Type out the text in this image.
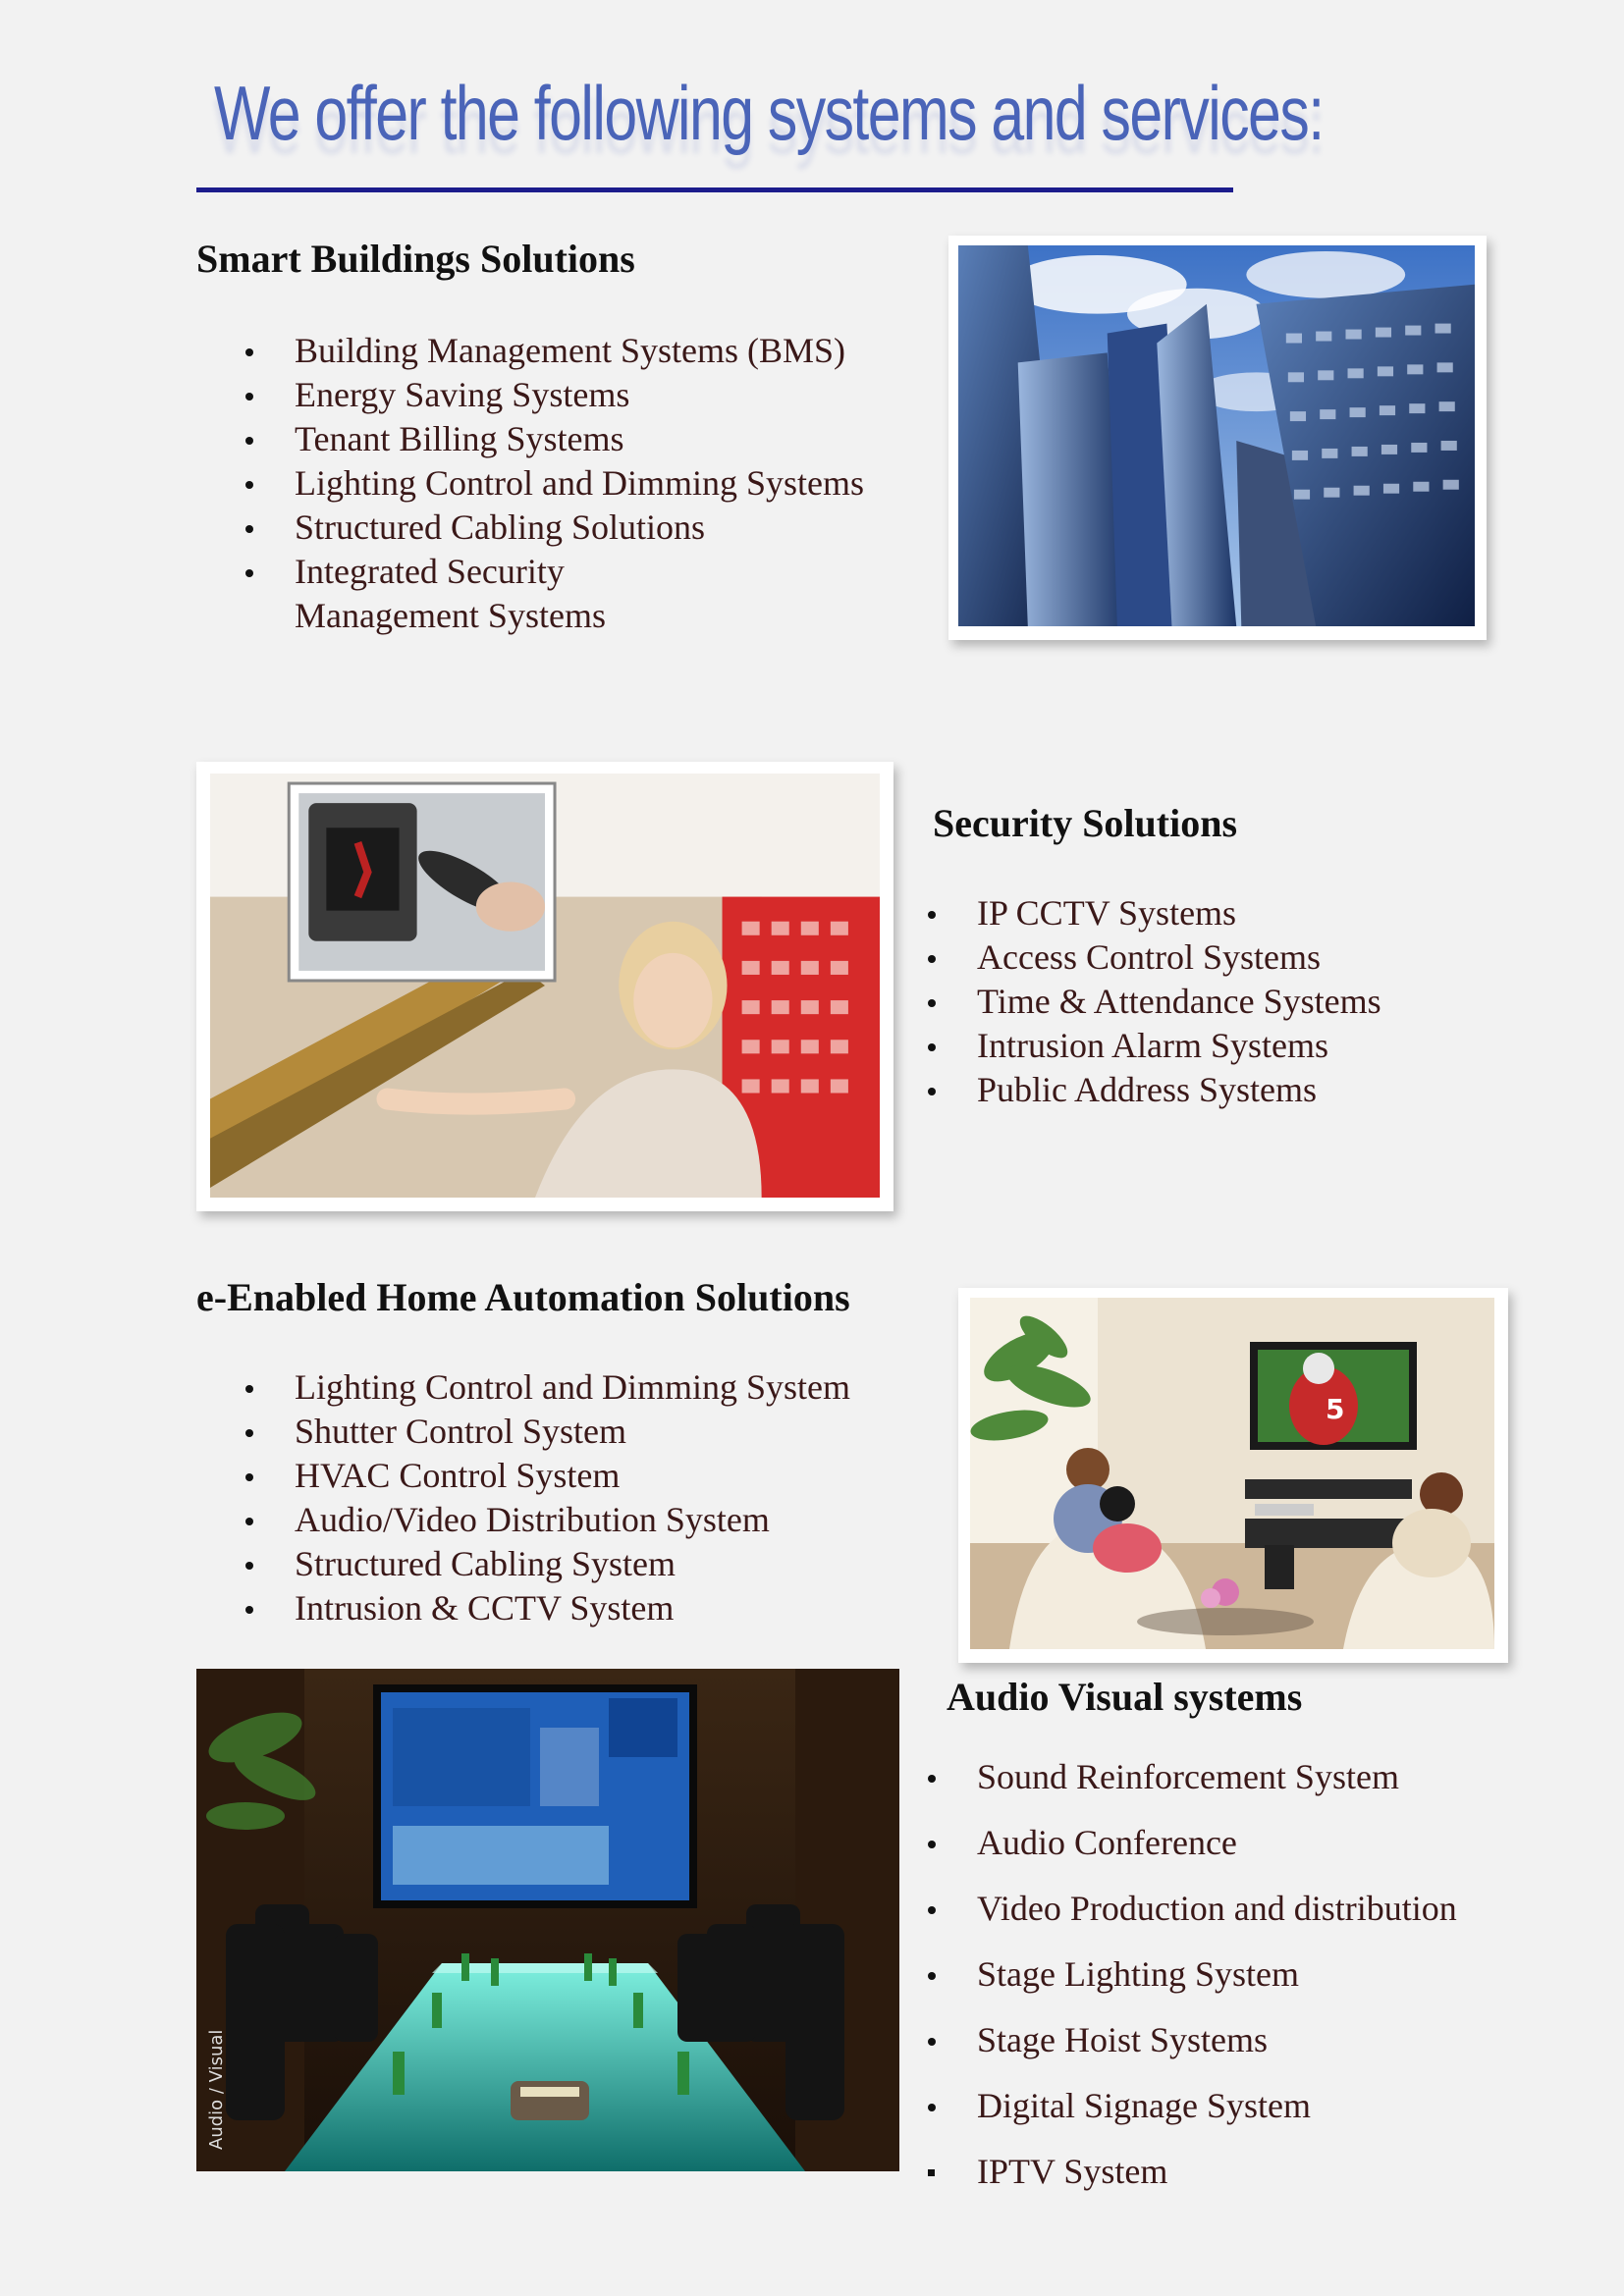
We offer the following systems and services:
Smart Buildings Solutions
Building Management Systems (BMS)
Energy Saving Systems
Tenant Billing Systems
Lighting Control and Dimming Systems
Structured Cabling Solutions
Integrated Security Management Systems
Security Solutions
IP CCTV Systems
Access Control Systems
Time & Attendance Systems
Intrusion Alarm Systems
Public Address Systems
e-Enabled Home Automation Solutions
Lighting Control and Dimming System
Shutter Control System
HVAC Control System
Audio/Video Distribution System
Structured Cabling System
Intrusion & CCTV System
5
Audio / Visual
Audio Visual systems
Sound Reinforcement System
Audio Conference
Video Production and distribution
Stage Lighting System
Stage Hoist Systems
Digital Signage System
IPTV System
